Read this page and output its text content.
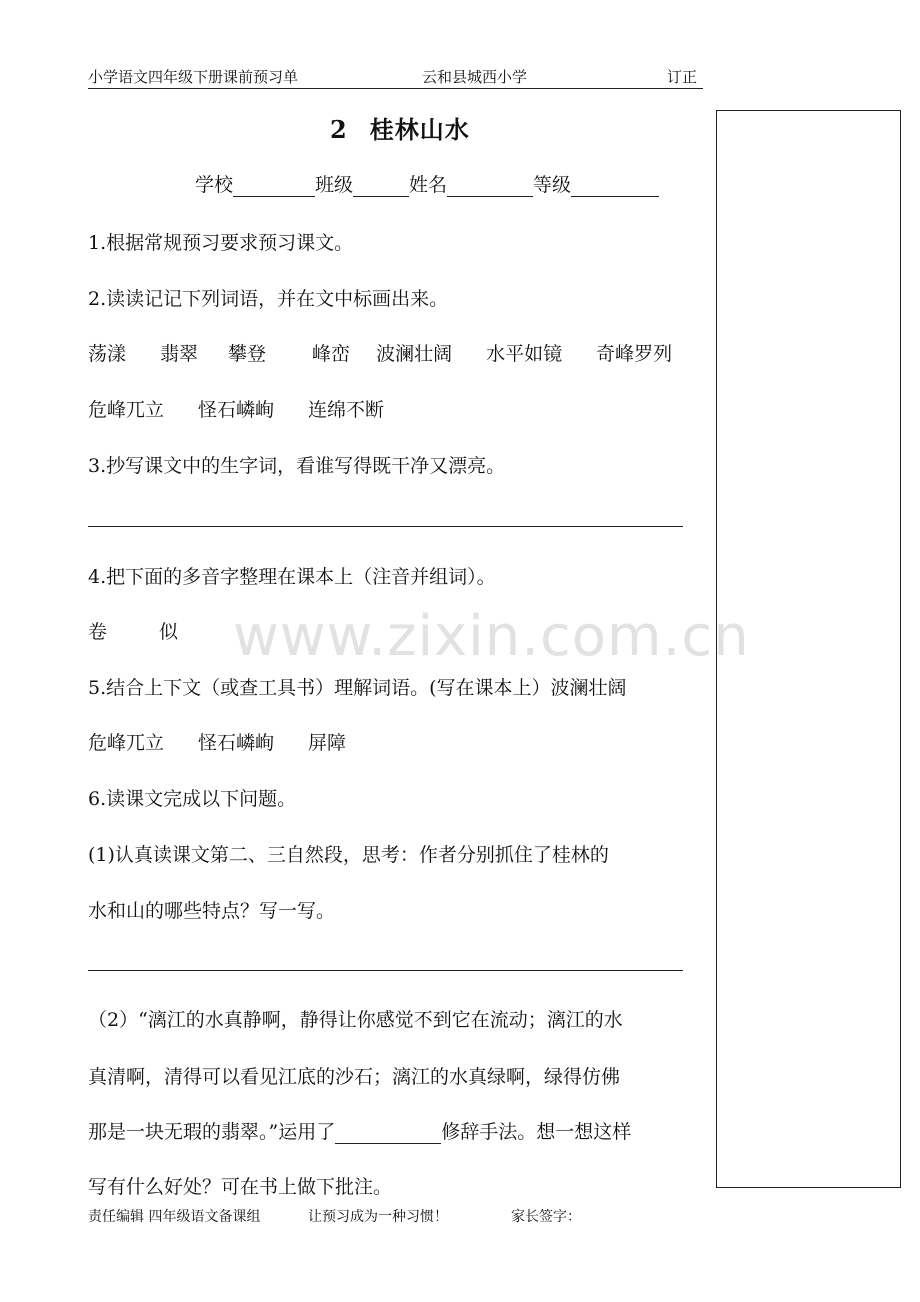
小学语文四年级下册课前预习单	云和县城西小学	订正
2 桂林山水
学校	班级	姓名	等级
1.根据常规预习要求预习课文。
2.读读记记下列词语，并在文中标画出来。
荡漾 翡翠 攀登 峰峦 波澜壮阔 水平如镜 奇峰罗列
危峰兀立 怪石嶙峋 连绵不断
3.抄写课文中的生字词，看谁写得既干净又漂亮。
4.把下面的多音字整理在课本上（注音并组词）。
卷	似 www.zixin.com.cn
5.结合上下文（或查工具书）理解词语。(写在课本上）波澜壮阔
危峰兀立 怪石嶙峋 屏障
6.读课文完成以下问题。
(1)认真读课文第二、三自然段，思考：作者分别抓住了桂林的
水和山的哪些特点？写一写。
（2）“漓江的水真静啊，静得让你感觉不到它在流动；漓江的水
真清啊，清得可以看见江底的沙石；漓江的水真绿啊，绿得仿佛
那是一块无瑕的翡翠。”运用了	修辞手法。想一想这样
写有什么好处？可在书上做下批注。
责任编辑 四年级语文备课组	让预习成为一种习惯！	家长签字：
